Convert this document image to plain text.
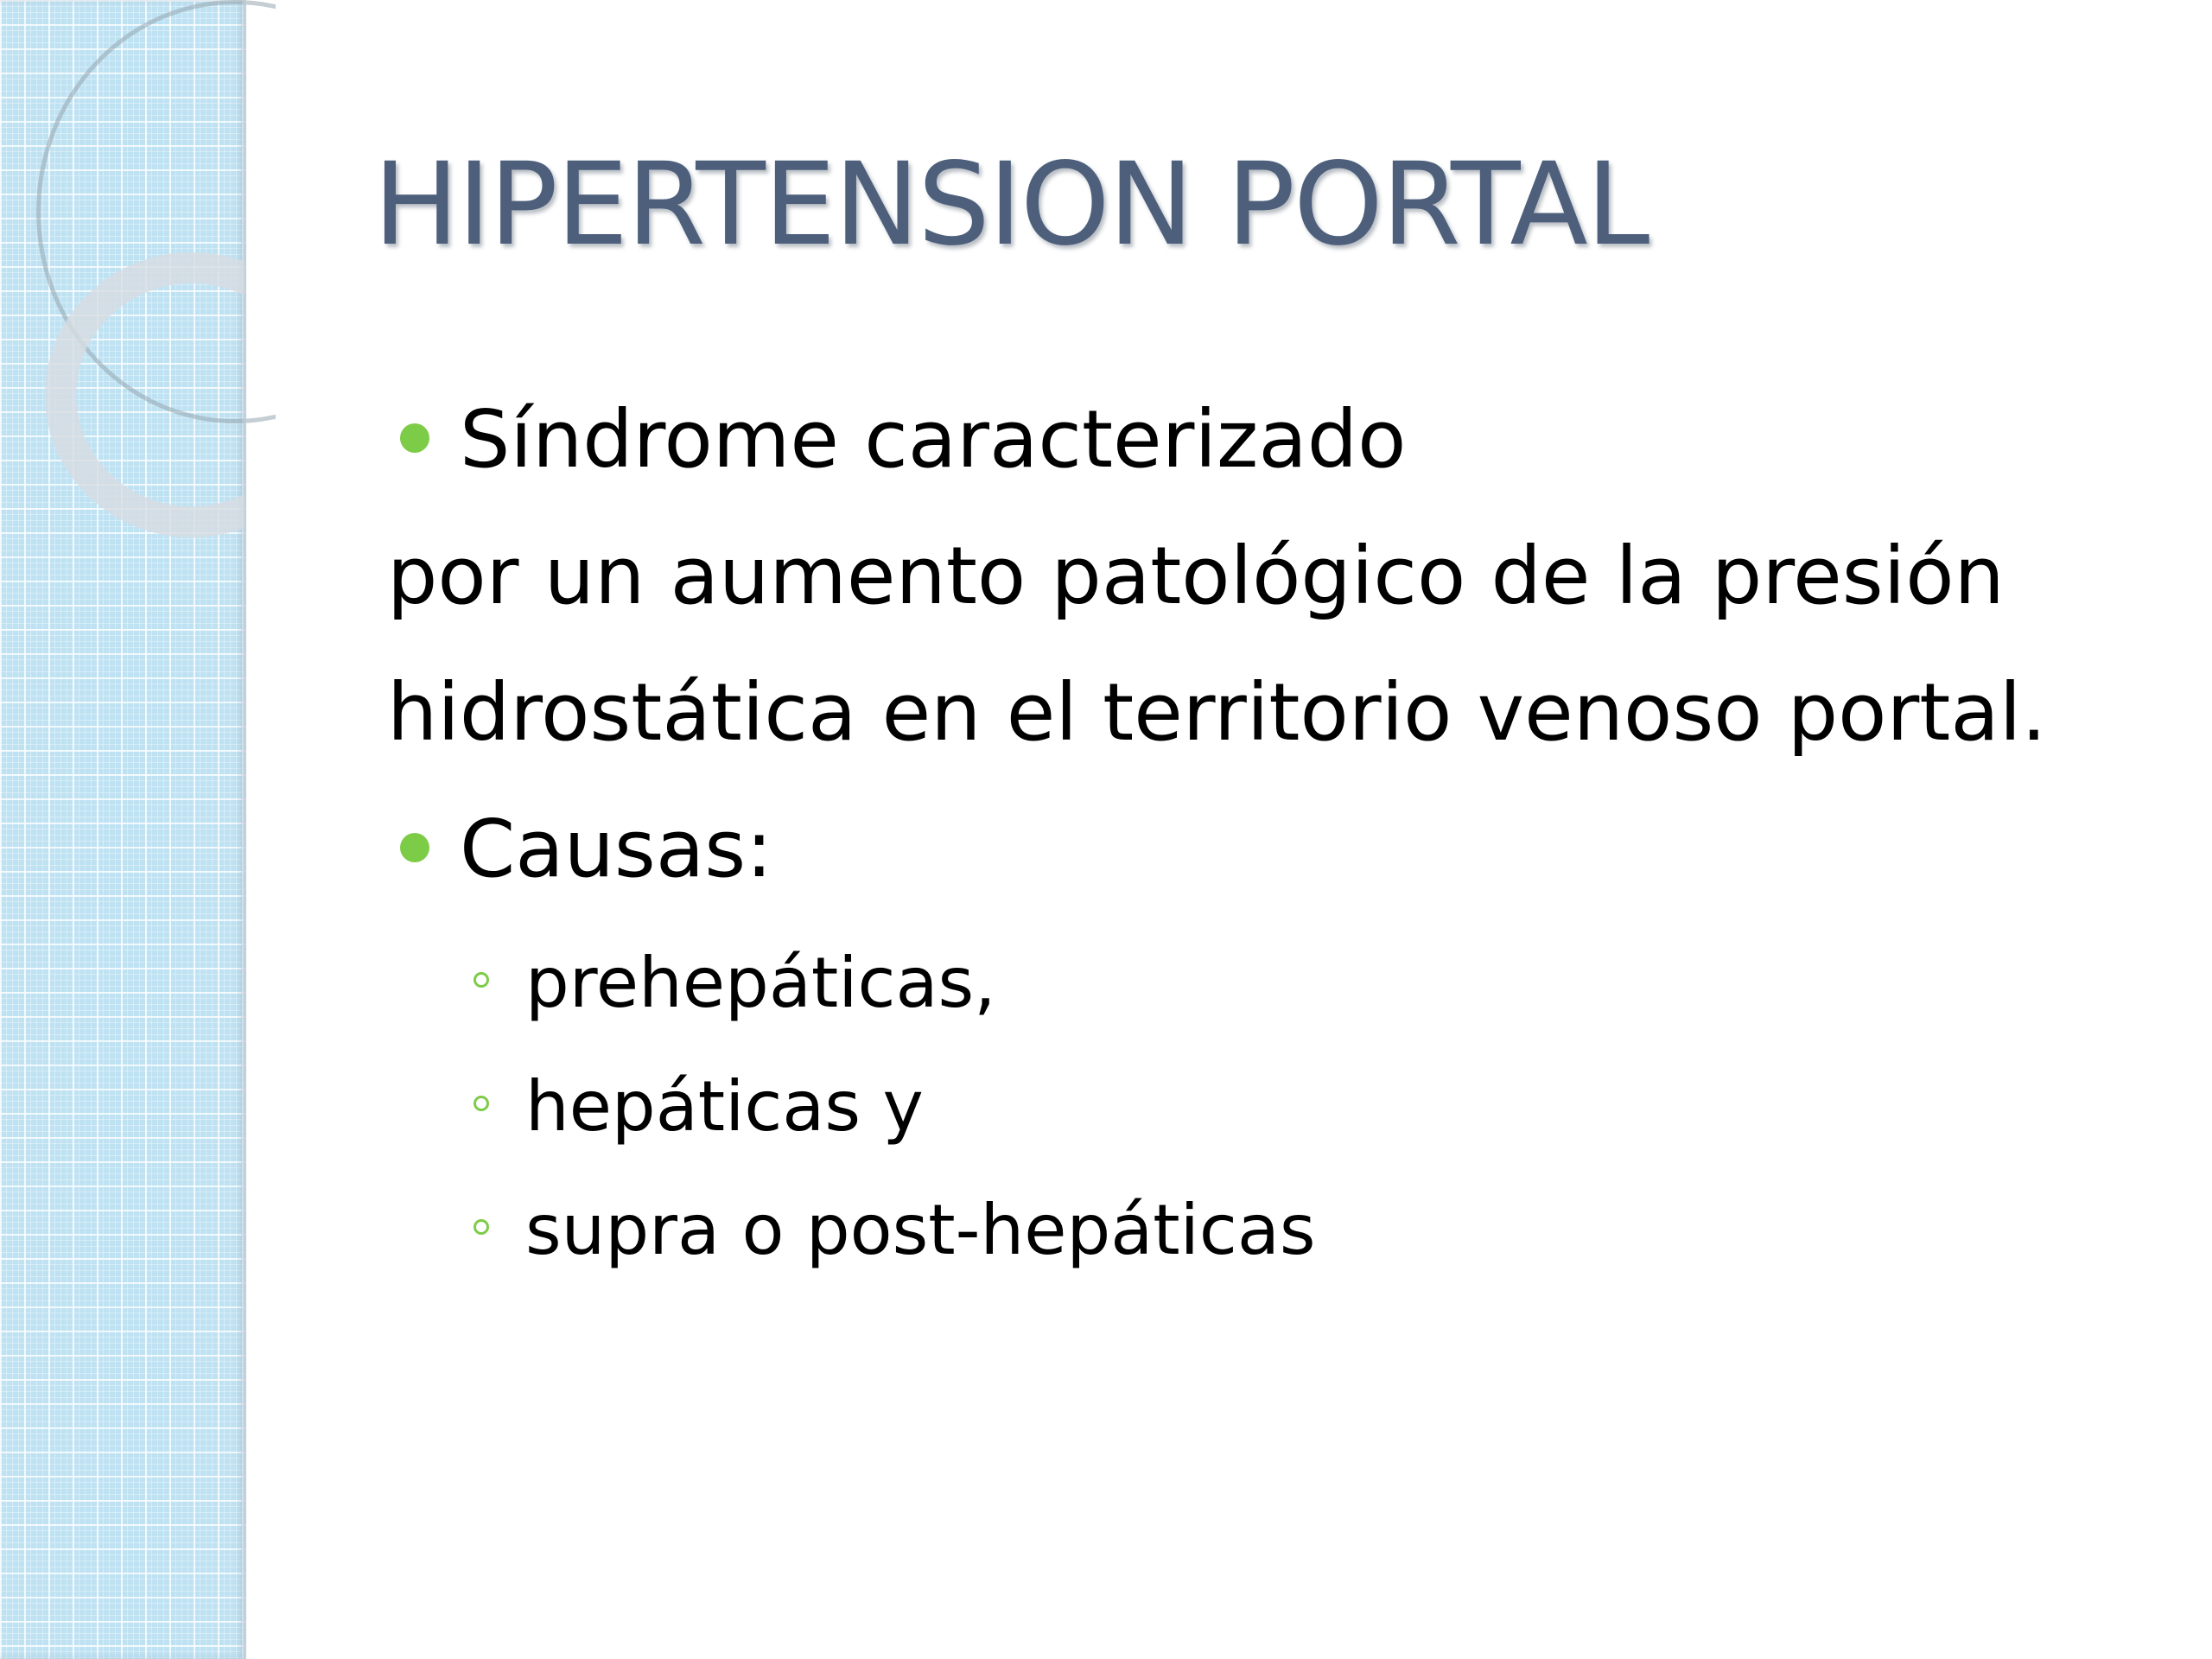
HIPERTENSION PORTAL
Síndrome caracterizado
por un aumento patológico de la presión
hidrostática en el territorio venoso portal.
Causas:
prehepáticas,
hepáticas y
supra o post-hepáticas
